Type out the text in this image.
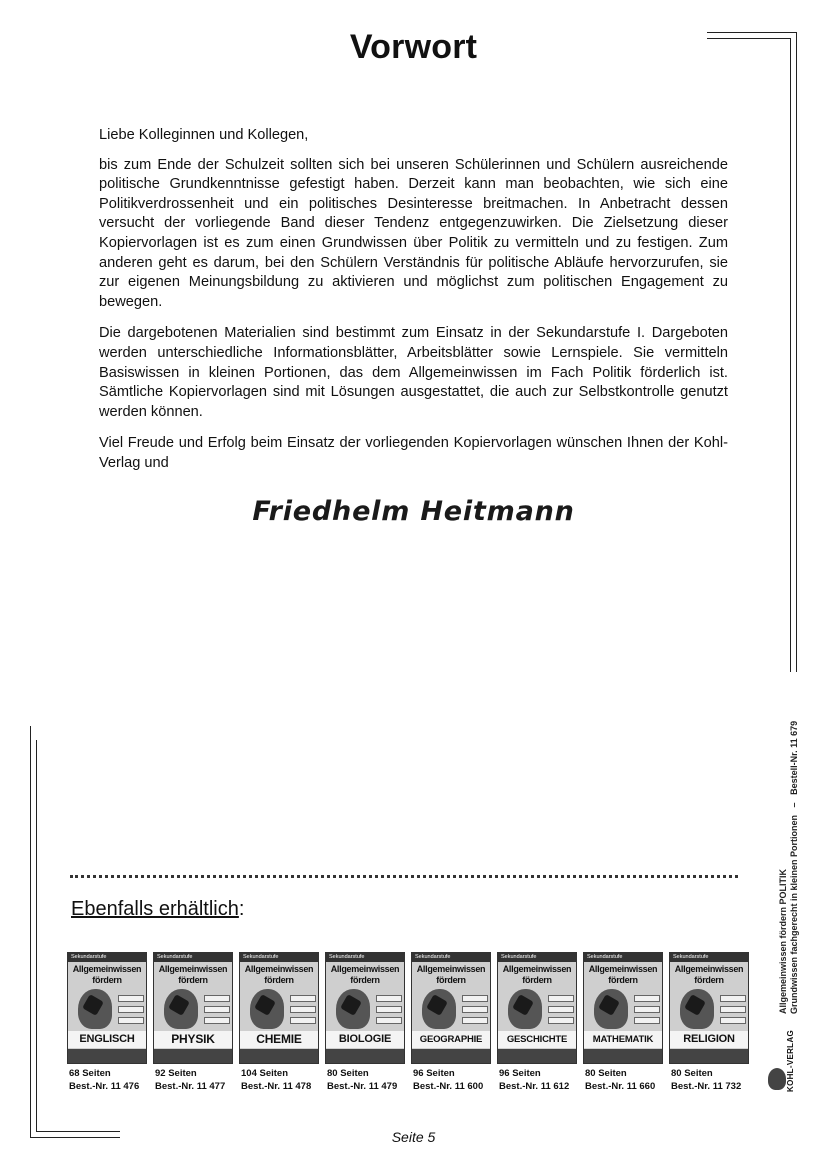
Vorwort

Liebe Kolleginnen und Kollegen,

bis zum Ende der Schulzeit sollten sich bei unseren Schülerinnen und Schülern ausreichende politische Grundkenntnisse gefestigt haben. Derzeit kann man beobachten, wie sich eine Politikverdrossenheit und ein politisches Desinteresse breitmachen. In Anbetracht dessen versucht der vorliegende Band dieser Tendenz entgegenzuwirken. Die Zielsetzung dieser Kopiervorlagen ist es zum einen Grundwissen über Politik zu vermitteln und zu festigen. Zum anderen geht es darum, bei den Schülern Verständnis für politische Abläufe hervorzurufen, sie zur eigenen Meinungsbildung zu aktivieren und möglichst zum politischen Engagement zu bewegen.

Die dargebotenen Materialien sind bestimmt zum Einsatz in der Sekundarstufe I. Dargeboten werden unterschiedliche Informationsblätter, Arbeitsblätter sowie Lernspiele. Sie vermitteln Basiswissen in kleinen Portionen, das dem Allgemeinwissen im Fach Politik förderlich ist. Sämtliche Kopiervorlagen sind mit Lösungen ausgestattet, die auch zur Selbstkontrolle genutzt werden können.

Viel Freude und Erfolg beim Einsatz der vorliegenden Kopiervorlagen wünschen Ihnen der Kohl-Verlag und

Friedhelm Heitmann
Ebenfalls erhältlich:
Sekundarstufe
Allgemeinwissen
fördern
ENGLISCH
68 Seiten
Best.-Nr. 11 476
Sekundarstufe
Allgemeinwissen
fördern
PHYSIK
92 Seiten
Best.-Nr. 11 477
Sekundarstufe
Allgemeinwissen
fördern
CHEMIE
104 Seiten
Best.-Nr. 11 478
Sekundarstufe
Allgemeinwissen
fördern
BIOLOGIE
80 Seiten
Best.-Nr. 11 479
Sekundarstufe
Allgemeinwissen
fördern
GEOGRAPHIE
96 Seiten
Best.-Nr. 11 600
Sekundarstufe
Allgemeinwissen
fördern
GESCHICHTE
96 Seiten
Best.-Nr. 11 612
Sekundarstufe
Allgemeinwissen
fördern
MATHEMATIK
80 Seiten
Best.-Nr. 11 660
Sekundarstufe
Allgemeinwissen
fördern
RELIGION
80 Seiten
Best.-Nr. 11 732
Allgemeinwissen fördern POLITIK Grundwissen fachgerecht in kleinen Portionen   –   Bestell-Nr. 11 679
KOHL-VERLAG
Seite 5
